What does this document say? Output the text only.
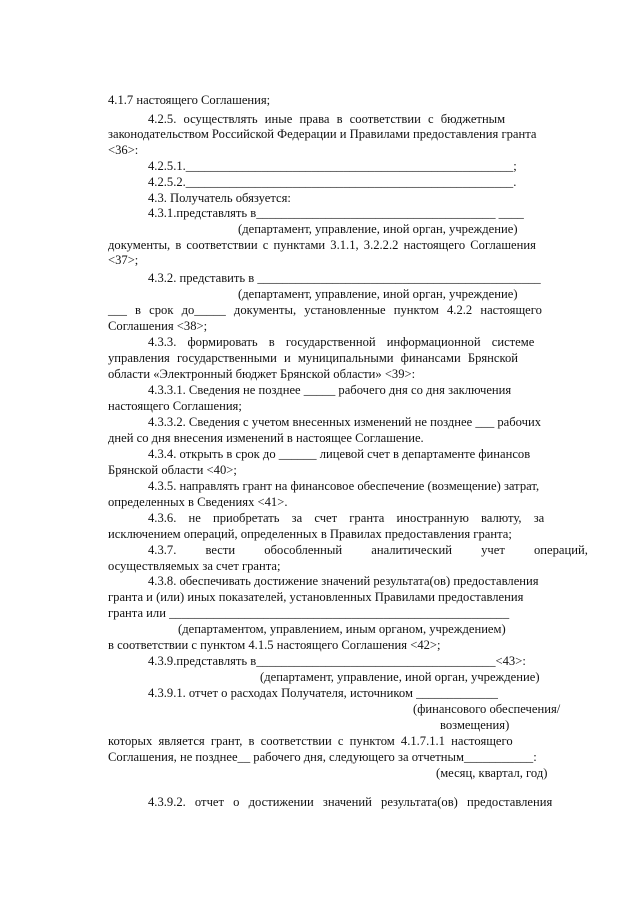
4.1.7 настоящего Соглашения;
4.2.5. осуществлять иные права в соответствии с бюджетным
законодательством Российской Федерации и Правилами предоставления гранта
<36>:
4.2.5.1.____________________________________________________;
4.2.5.2.____________________________________________________.
4.3. Получатель обязуется:
4.3.1.представлять в______________________________________ ____
(департамент, управление, иной орган, учреждение)
документы, в соответствии с пунктами 3.1.1, 3.2.2.2 настоящего Соглашения
<37>;
4.3.2. представить в _____________________________________________
(департамент, управление, иной орган, учреждение)
___ в срок до_____ документы, установленные пунктом 4.2.2 настоящего
Соглашения <38>;
4.3.3. формировать в государственной информационной системе
управления государственными и муниципальными финансами Брянской
области «Электронный бюджет Брянской области» <39>:
4.3.3.1. Сведения не позднее _____ рабочего дня со дня заключения
настоящего Соглашения;
4.3.3.2. Сведения с учетом внесенных изменений не позднее ___ рабочих
дней со дня внесения изменений в настоящее Соглашение.
4.3.4. открыть в срок до ______ лицевой счет в департаменте финансов
Брянской области <40>;
4.3.5. направлять грант на финансовое обеспечение (возмещение) затрат,
определенных в Сведениях <41>.
4.3.6. не приобретать за счет гранта иностранную валюту, за
исключением операций, определенных в Правилах предоставления гранта;
4.3.7. вести обособленный аналитический учет операций,
осуществляемых за счет гранта;
4.3.8. обеспечивать достижение значений результата(ов) предоставления
гранта и (или) иных показателей, установленных Правилами предоставления
гранта или ______________________________________________________
(департаментом, управлением, иным органом, учреждением)
в соответствии с пунктом 4.1.5 настоящего Соглашения <42>;
4.3.9.представлять в______________________________________<43>:
(департамент, управление, иной орган, учреждение)
4.3.9.1. отчет о расходах Получателя, источником _____________
(финансового обеспечения/
возмещения)
которых является грант, в соответствии с пунктом 4.1.7.1.1 настоящего
Соглашения, не позднее__ рабочего дня, следующего за отчетным___________:
(месяц, квартал, год)
4.3.9.2. отчет о достижении значений результата(ов) предоставления
